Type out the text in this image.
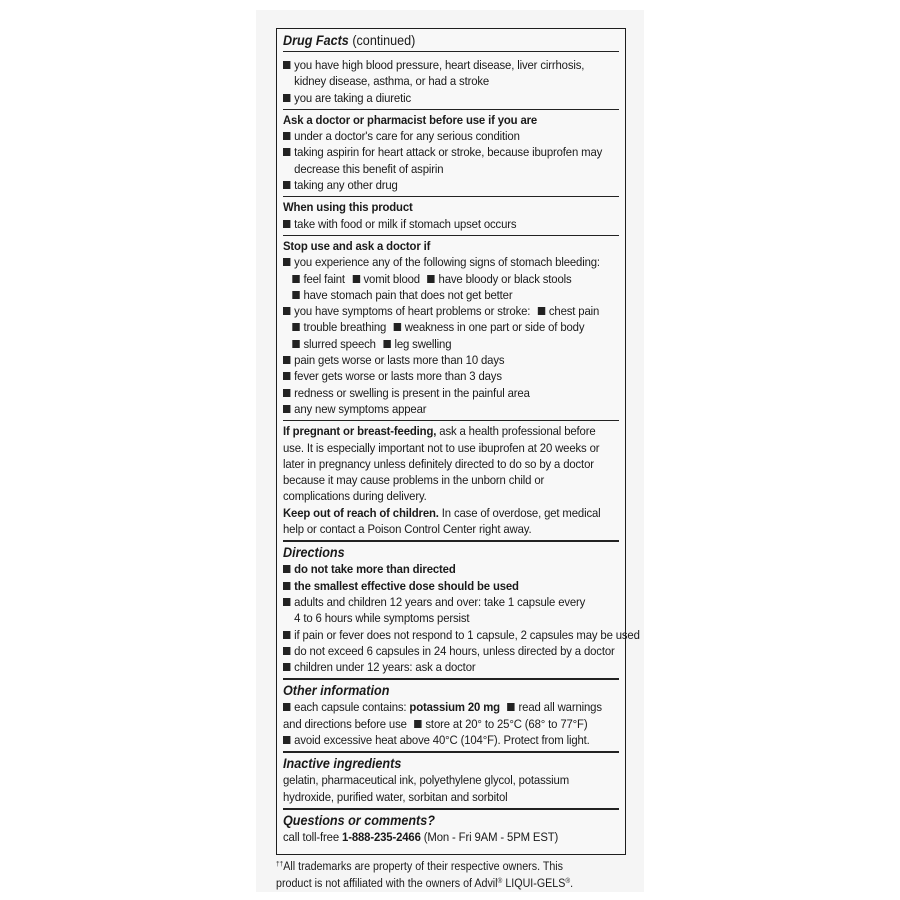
Drug Facts (continued)
you have high blood pressure, heart disease, liver cirrhosis,
kidney disease, asthma, or had a stroke
you are taking a diuretic
Ask a doctor or pharmacist before use if you are
under a doctor's care for any serious condition
taking aspirin for heart attack or stroke, because ibuprofen may
decrease this benefit of aspirin
taking any other drug
When using this product
take with food or milk if stomach upset occurs
Stop use and ask a doctor if
you experience any of the following signs of stomach bleeding:
feel faint vomit blood have bloody or black stools
have stomach pain that does not get better
you have symptoms of heart problems or stroke: chest pain
trouble breathing weakness in one part or side of body
slurred speech leg swelling
pain gets worse or lasts more than 10 days
fever gets worse or lasts more than 3 days
redness or swelling is present in the painful area
any new symptoms appear
If pregnant or breast-feeding, ask a health professional before
use. It is especially important not to use ibuprofen at 20 weeks or
later in pregnancy unless definitely directed to do so by a doctor
because it may cause problems in the unborn child or
complications during delivery.
Keep out of reach of children. In case of overdose, get medical
help or contact a Poison Control Center right away.
Directions
do not take more than directed
the smallest effective dose should be used
adults and children 12 years and over: take 1 capsule every
4 to 6 hours while symptoms persist
if pain or fever does not respond to 1 capsule, 2 capsules may be used
do not exceed 6 capsules in 24 hours, unless directed by a doctor
children under 12 years: ask a doctor
Other information
each capsule contains: potassium 20 mg read all warnings
and directions before use store at 20° to 25°C (68° to 77°F)
avoid excessive heat above 40°C (104°F). Protect from light.
Inactive ingredients
gelatin, pharmaceutical ink, polyethylene glycol, potassium
hydroxide, purified water, sorbitan and sorbitol
Questions or comments?
call toll-free 1-888-235-2466 (Mon - Fri 9AM - 5PM EST)
††All trademarks are property of their respective owners. This
product is not affiliated with the owners of Advil® LIQUI-GELS®.
